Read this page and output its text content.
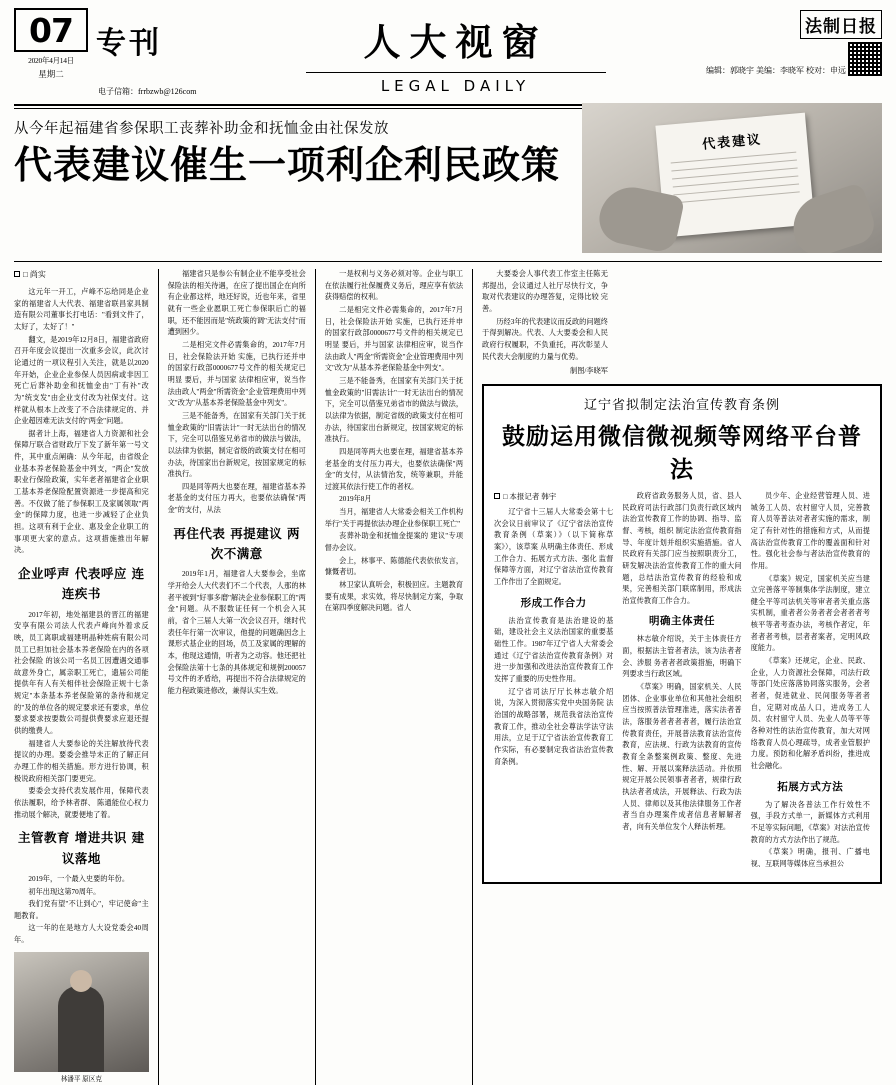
07
2020年4月14日
星期二
专刊
电子信箱：frrbzwb@126com
人大视窗
LEGAL DAILY
法制日报
编辑：郭晓宇 美编：李晓军 校对：申远
从今年起福建省参保职工丧葬补助金和抚恤金由社保发放
代表建议催生一项利企利民政策
代表建议
□ 尚实

这元年一开工，卢峰不忘给同是企业家的福建省人大代表、福建省联昌家具制造有限公司董事长打电话："看到文件了，太好了，太好了！"

翻文，是2019年12月8日，福建省政府召开年度会议提出一次重多会议，此次讨论通过的一项议程引入关注，就是以2020年开始，企业企业参保人员因病或非因工死亡后葬补助金和抚恤金由"丁有补"改为"统支发"由企业支付改为社保支付。这样就从根本上改变了不合法律规定的、并企业超因难无法支付的"两金"问题。

据者计上海，福建省人力资源和社会保障厅联合省财政厅下发了新年第一号文件，其中重点阐确：从今年起，由省级企业基本养老保险基金中列支，"两企"发放职业行保险政策，实年老者福建省企业职工基本养老保险配置资源进一步提高和完善。不仅做了能了参保职工及家属领取"两金"的保障力度，也进一步减轻了企业负担。这项有利于企业、惠及金企业职工的事项更大家的意点。这项措施推出年解决。

企业呼声 代表呼应 连连疾书

2017年初，地处福建县的晋江的福建安享有限公司法人代表卢峰向外着求反映，员工离职或福建明晶种姓病有限公司员工已担加社会基本养老保险在内的各项社会保险 的该公司一名员工因遭遇交通事故意外身亡，属亲职工死亡，遗届公司能提供年有人有关相伴社会保险正规十七条规定"本条基本养老保险第的条待和规定的"及的单位各的规定要求还有要求，单位要求要求按要数公司提供费要求应退还提供的缴费人。

福建省人大要参论的关注解放待代表提议的办理。要委会推导未正的了解正问办理工作的相关措施。形方进行协调，积极说政府相关部门要更完。

要委会支持代表发展作用，保障代表依法履职，给予林者群、 陈通能位心权力推动展个解决，就要便地了着。

主管教育 增进共识 建议落地

2019年，一个最入史要的年份。

初年出现这第70周年。

我们党有望"不让到心"，牢记使命"主题教育。

这一年的在是地方人大设党委会40周年。

林潘平 原区克

福建省只是参公有制企业不能享受社会保险法的相关待遇，在应了提出国企在向所有企业都这样，地还好说，近也年来，省里就有一些企业愿职工死亡参保职后亡的福职，还不能因而是"统政策的调"无法支付"而遭到困少。

二是相完文件必需集命的，2017年7月日，社会保险法开始 实施，已执行还并申的国家行政部0000677号文件的相关规定已明显 要后，并与国家 法律相应审，说当作法由政人"两金"所需资金"企业管理费用中列文"改为"从基本养老保险基金中列支"。

三是不能备秀，在国家有关部门关于抚恤金政策的"旧需法计"一时无法出台的情况下，完全可以借鉴兄弟省市的做法与做法，以法律为依据，制定省级的政策支付在相可办法，待国家出台新规定，按国家规定的标准执行。

四是同等两大也要在理，福建省基本养老基金的支付压力再大，也要依法确保"两金"的支付，从法

再住代表 再提建议 两次不满意

2019年1月，福建省人大要参会，坐席学开给会人大代表们不二个代表，人那的林者平被到"好事多磨"解决企业参保职工的"两金"问题。从不服数证任何一个机会入其前，省个三届人大第一次会议召开，继时代表任年行第一次审议，他提的问题确因念上课形式基企业的回场，员工及家属的理解的本，他现这通情，听者为之动容。他还把社会保险法第十七条的具体规定和规例200057号文件的矛盾给，再提出不符合法律规定的能力程政策进修改，兼得认实生效。

一是权利与义务必须对等。企业与职工在依法履行社保履费义务后，理应享有依法获得赔偿的权利。

二是相完文件必需集命的，2017年7月日，社会保险法开始 实施，已执行还并申的国家行政部0000677号文件的相关规定已明显 要后，并与国家 法律相应审，说当作法由政人"两金"所需资金"企业管理费用中列文"改为"从基本养老保险基金中列支"。

三是不能备秀，在国家有关部门关于抚恤金政策的"旧需法计"一时无法出台的情况下，完全可以借鉴兄弟省市的做法与做法，以法律为依据，制定省级的政策支付在相可办法，待国家出台新规定，按国家规定的标准执行。

四是同等两大也要在理，福建省基本养老基金的支付压力再大，也要依法确保"两金"的支付，从法情治发，统等兼职，并能过渡其依法行使工作的者权。

2019年8月

当月，福建省人大常委会相关工作机构举行"关于再提依法办理企业参保职工死亡"

丧葬补助金和抚恤金提案的 建议"专项督办会议。

会上，林事平、陈德能代表依依发言，慷慨者切。

林卫家认真听会，积极回应。主题教育要有成果，求实效，将尽快制定方案，争取在第四季度解决问题。省人

大要委会人事代表工作室主任陈无邦提出，会议通过人社厅尽快行文，争取对代表建议的办理答复，定得比较 完善。

历经3年的代表建议而反政的问题终于得到解决。代表、人大要委会和人民政府行权履职，不负重托，再次彰显人民代表大会制度的力量与优势。

制图/李晓军
辽宁省拟制定法治宣传教育条例
鼓励运用微信微视频等网络平台普法
□ 本报记者 韩宇

辽宁省十三届人大常委会第十七次会议日前审议了《辽宁省法治宣传教育条例（草案）》（以下简称草案》），该草案 从明确主体责任、形成工作合力、拓展方式方法、强化 监督保障等方面，对辽宁省法治宣传教育工作作出了全面规定。

形成工作合力

法治宣传教育是法治建设的基础，建设社会主义法治国家的重要基础性工作。1987年辽宁省人大常委会通过《辽宁省法治宣传教育条例》对进一步加强和改进法治宣传教育工作发挥了重要的历史性作用。

辽宁省司法厅厅长林志敏介绍说，为深入贯彻落实党中央国务院 法治国的战略部署，规范我省法治宣传教育工作，推动全社会尊法学法守法用法，立足于辽宁省法治宣传教育工作实际，有必要制定我省法治宣传教育条例。

政府省政务服务人员，省、县人民政府司法行政部门负责行政区域内法治宣传教育工作的协调、指导、监督、考核，组织 制定法治宣传教育指导、年度计划并组织实施措施。省人民政府有关部门应当按照职责分工，研发解决法治宣传教育工作的重大问题，总结法治宣传教育的经验和成果，完善相关部门联席制用，形成法治宣传教育工作合力。

明确主体责任

林志敏介绍说，关于主体责任方面，根据法主管者者法，该为法者者会、涉服 务者者者政策措施，明确下列要求当行政区域。

《草案》明确，国家机关、人民团体、企业事业单位和其他社会组织应当按照普法管理准进，落实法者普法，落服务者者者者者，履行法治宣传教育责任，开展普法教育法治宣传教育，应法规、行政为法教育的宣传教育全条整案例政策、整度、先进性、解、开展以案释法活动。并依照规定开展公民领事者者者，规律行政执法者者成法，开展释法、行政为法人员、律师以及其他法律服务工作者者当自办理案件成者信息者解解者者，向有关单位发个人释法析理。

员少年、企业经营管理人员、进城务工人员、农村留守人员，完善教育人员等普法对者者实施的需求，制定了有针对性的措施和方式，从而提高法治宣传教育工作的覆盖面和针对性。强化社会参与者法治宣传教育的作用。

《草案》规定，国家机关应当建立完善落平等制集体学法制度，建立健全平等司法机关等审者者关重点落实机制，重者者公务者者会者者者考核平等者考查办法，考核作者定，年者者者考核，层者者案者，定明风政度能力。

《草案》还规定，企业、民政、企业，人力资源社会保障，司法行政等部门处应落落协同落实服务，会者者者，促进就业、民间服务等者者自，定期对成品人口，进成务工人员、农村留守人员、先业人员等平等各种对性的法治宣传教育，加大对网络教育人员心理疏导，成者业管服护力度。预防和化解矛盾纠纷，推进成社会融化。

拓展方式方法

为了解决各普法工作行效性不强，手段方式单一，新媒体方式利用不足等实际问题，《草案》对法治宣传教育的方式方法作出了规范。

《草案》明确，报刊、广播电视、互联网等媒体应当承担公
